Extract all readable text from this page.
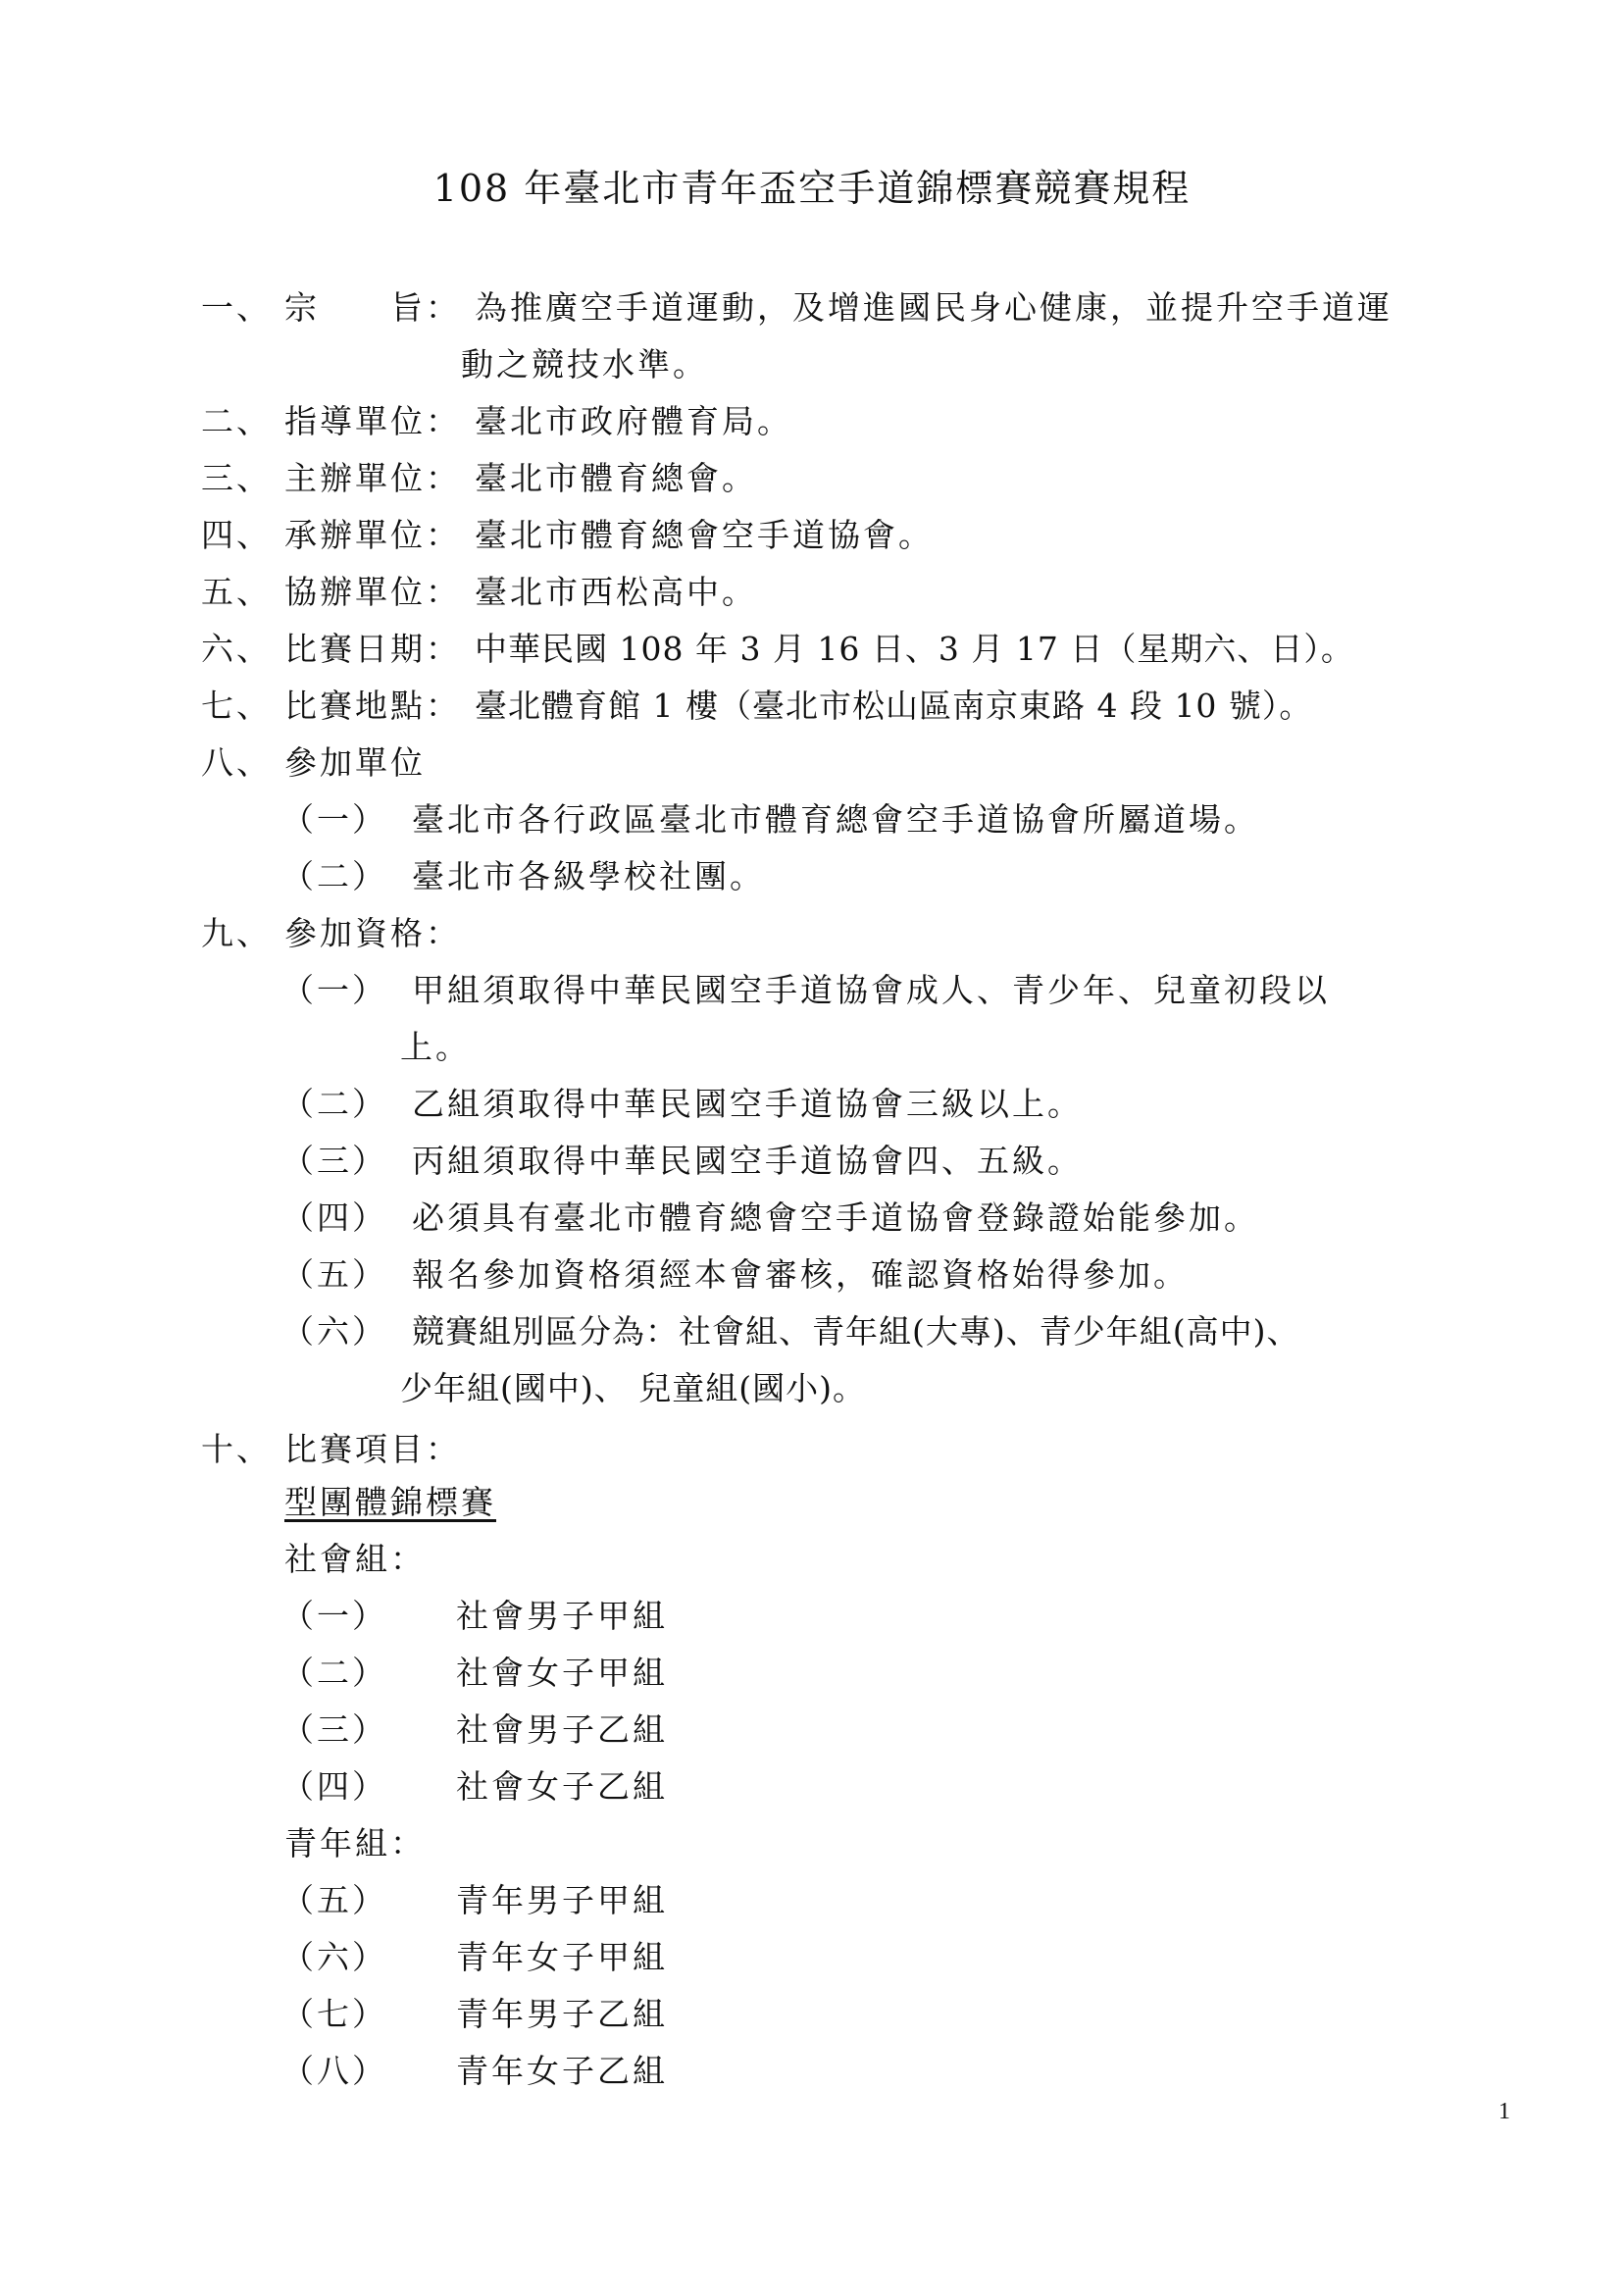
108 年臺北市青年盃空手道錦標賽競賽規程
一、 宗　　旨： 為推廣空手道運動，及增進國民身心健康，並提升空手道運
動之競技水準。
二、 指導單位： 臺北市政府體育局。
三、 主辦單位： 臺北市體育總會。
四、 承辦單位： 臺北市體育總會空手道協會。
五、 協辦單位： 臺北市西松高中。
六、 比賽日期： 中華民國 108 年 3 月 16 日、3 月 17 日（星期六、日）。
七、 比賽地點： 臺北體育館 1 樓（臺北市松山區南京東路 4 段 10 號）。
八、 參加單位
（一） 臺北市各行政區臺北市體育總會空手道協會所屬道場。
（二） 臺北市各級學校社團。
九、 參加資格：
（一） 甲組須取得中華民國空手道協會成人、青少年、兒童初段以
上。
（二） 乙組須取得中華民國空手道協會三級以上。
（三） 丙組須取得中華民國空手道協會四、五級。
（四） 必須具有臺北市體育總會空手道協會登錄證始能參加。
（五） 報名參加資格須經本會審核，確認資格始得參加。
（六） 競賽組別區分為：社會組、青年組(大專)、青少年組(高中)、
少年組(國中)、 兒童組(國小)。
十、 比賽項目：
型團體錦標賽
社會組：
（一） 社會男子甲組
（二） 社會女子甲組
（三） 社會男子乙組
（四） 社會女子乙組
青年組：
（五） 青年男子甲組
（六） 青年女子甲組
（七） 青年男子乙組
（八） 青年女子乙組
1
